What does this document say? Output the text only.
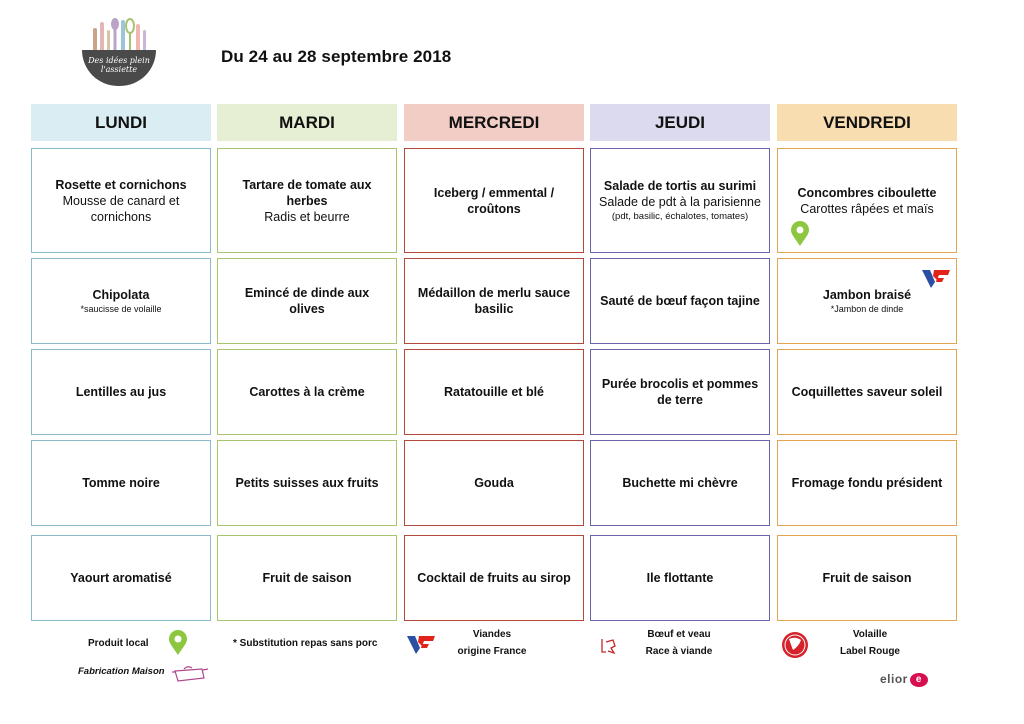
Des idées plein l'assiette
Du 24 au 28 septembre 2018
LUNDI
Rosette et cornichons
Mousse de canard et cornichons
Chipolata
*saucisse de volaille
Lentilles au jus
Tomme noire
Yaourt aromatisé
MARDI
Tartare de tomate aux herbes
Radis et beurre
Emincé de dinde aux olives
Carottes à la crème
Petits suisses aux fruits
Fruit de saison
MERCREDI
Iceberg / emmental / croûtons
Médaillon de merlu sauce basilic
Ratatouille et blé
Gouda
Cocktail de fruits au sirop
JEUDI
Salade de tortis au surimi
Salade de pdt à la parisienne
(pdt, basilic, échalotes, tomates)
Sauté de bœuf façon tajine
Purée brocolis et pommes de terre
Buchette mi chèvre
Ile flottante
VENDREDI
Concombres ciboulette
Carottes râpées et maïs
Jambon braisé
*Jambon de dinde
Coquillettes saveur soleil
Fromage fondu président
Fruit de saison
Produit local	* Substitution repas sans porc
Viandes
origine France
Bœuf et veau
Race à viande
Volaille
Label Rouge
Fabrication Maison
elior e
